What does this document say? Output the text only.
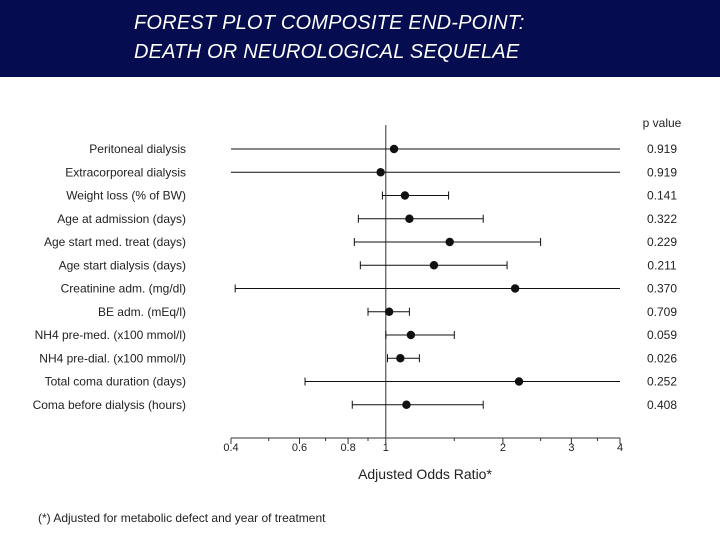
FOREST PLOT COMPOSITE END-POINT:
DEATH OR NEUROLOGICAL SEQUELAE
0.4	0.6	0.8 1	2	3	4
Peritoneal dialysis	0.919
Extracorporeal dialysis	0.919
Weight loss (% of BW)	0.141
Age at admission (days)	0.322
Age start med. treat (days)	0.229
Age start dialysis (days)	0.211
Creatinine adm. (mg/dl)	0.370
BE adm. (mEq/l)	0.709
NH4 pre-med. (x100 mmol/l)	0.059
NH4 pre-dial. (x100 mmol/l)	0.026
Total coma duration (days)	0.252
Coma before dialysis (hours)	0.408
p value
Adjusted Odds Ratio*
(*) Adjusted for metabolic defect and year of treatment
